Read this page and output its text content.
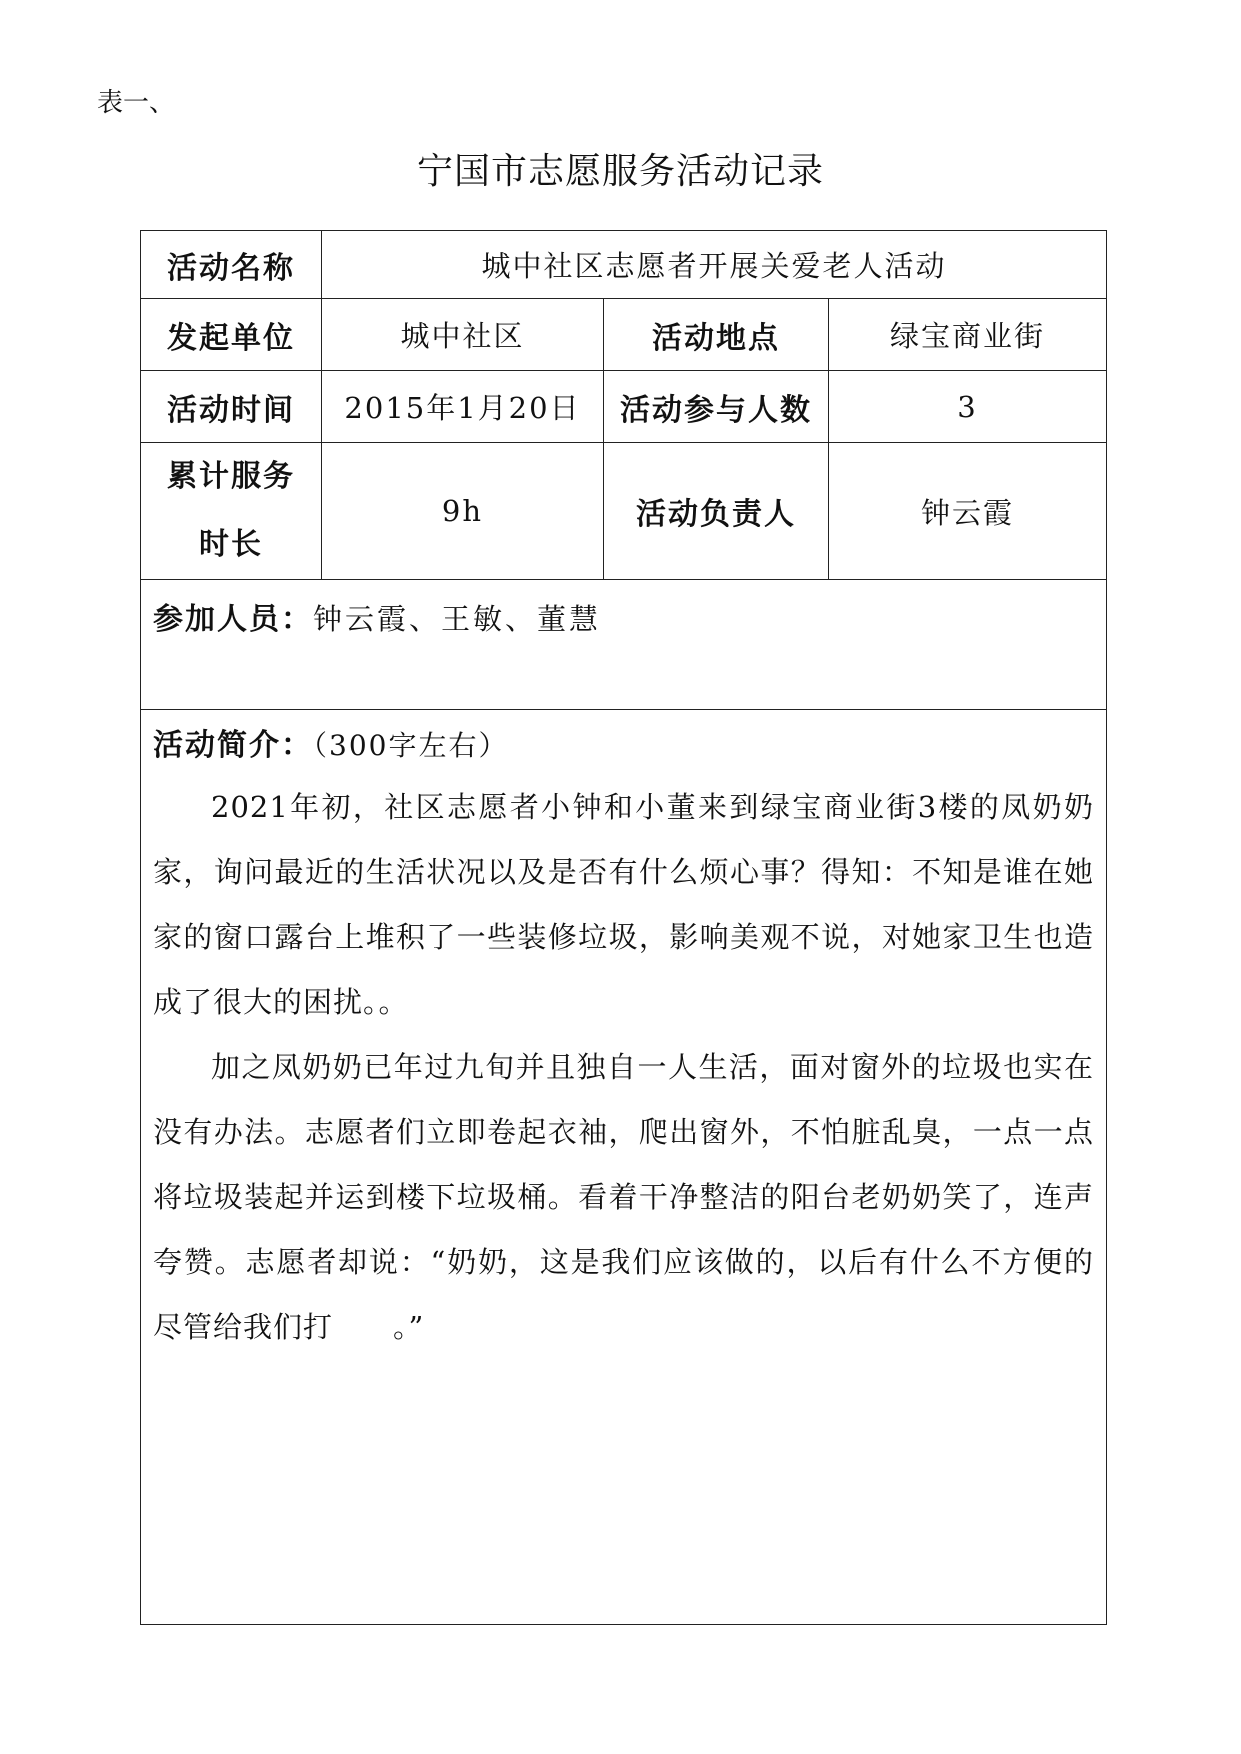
表一、
宁国市志愿服务活动记录
活动名称	城中社区志愿者开展关爱老人活动		
发起单位	城中社区	活动地点	绿宝商业街
活动时间	2015年1月20日	活动参与人数	3

累计服务
时长	9h	活动负责人	钟云霞
参加人员：钟云霞、王敏、董慧			

活动简介：（300字左右）

2021年初，社区志愿者小钟和小董来到绿宝商业街3楼的凤奶奶家，询问最近的生活状况以及是否有什么烦心事？得知：不知是谁在她家的窗口露台上堆积了一些装修垃圾，影响美观不说，对她家卫生也造成了很大的困扰。。

加之凤奶奶已年过九旬并且独自一人生活，面对窗外的垃圾也实在没有办法。志愿者们立即卷起衣袖，爬出窗外，不怕脏乱臭，一点一点将垃圾装起并运到楼下垃圾桶。看着干净整洁的阳台老奶奶笑了，连声夸赞。志愿者却说：“奶奶，这是我们应该做的，以后有什么不方便的尽管给我们打　　。”			
